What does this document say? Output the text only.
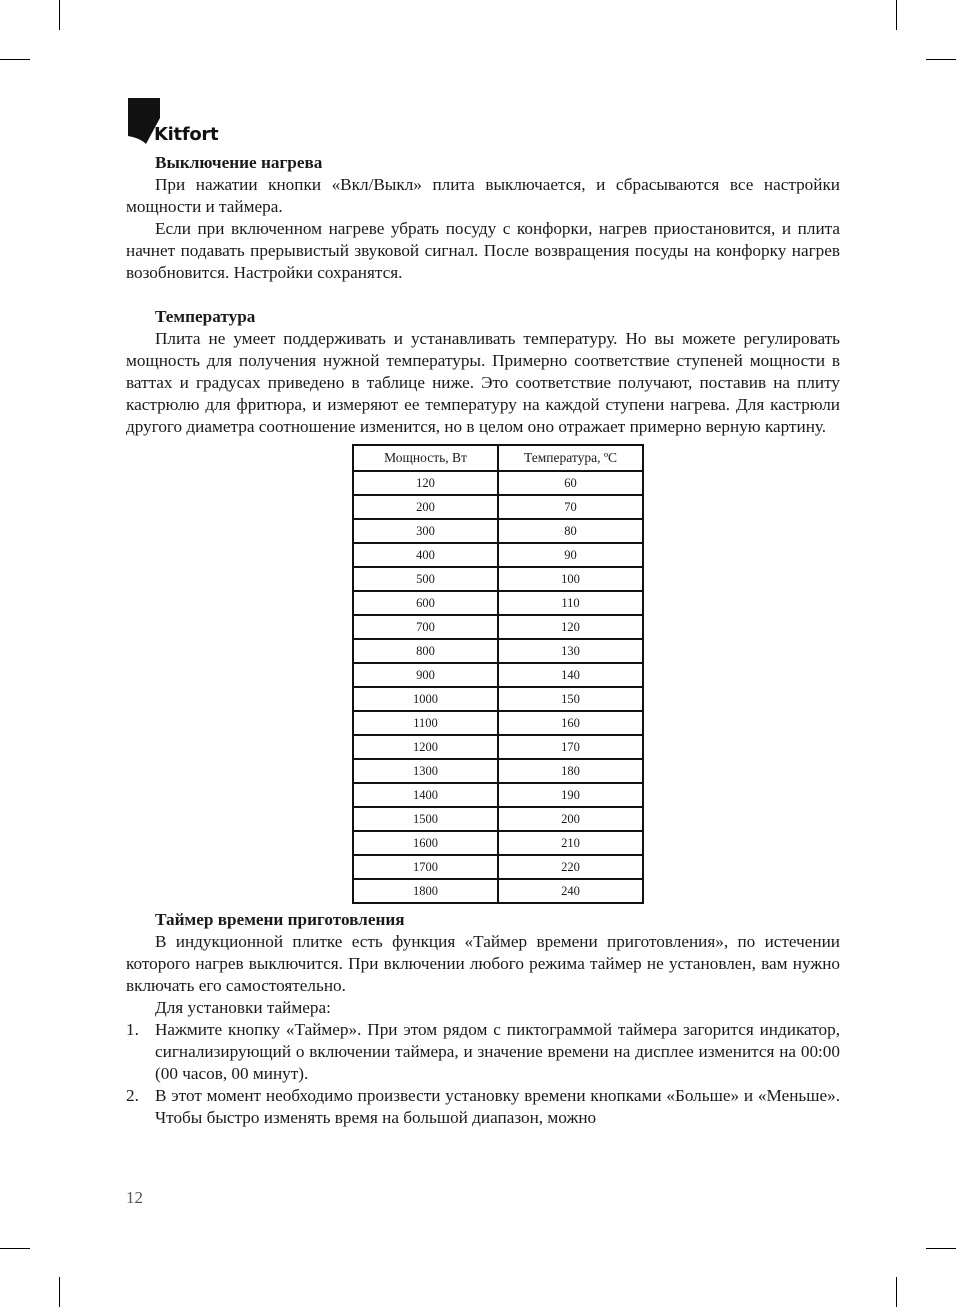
Kitfort
Выключение нагрева

При нажатии кнопки «Вкл/Выкл» плита выключается, и сбрасываются все настройки мощности и таймера.

Если при включенном нагреве убрать посуду с конфорки, нагрев приостановится, и плита начнет подавать прерывистый звуковой сигнал. После возвращения посуды на конфорку нагрев возобновится. Настройки сохранятся.

Температура

Плита не умеет поддерживать и устанавливать температуру. Но вы можете регулировать мощность для получения нужной температуры. Примерно соответствие ступеней мощности в ваттах и градусах приведено в таблице ниже. Это соответствие получают, поставив на плиту кастрюлю для фритюра, и измеряют ее температуру на каждой ступени нагрева. Для кастрюли другого диаметра соотношение изменится, но в целом оно отражает примерно верную картину.

Мощность, Вт	Температура, ºС
120	60
200	70
300	80
400	90
500	100
600	110
700	120
800	130
900	140
1000	150
1100	160
1200	170
1300	180
1400	190
1500	200
1600	210
1700	220
1800	240
Таймер времени приготовления

В индукционной плитке есть функция «Таймер времени приготовления», по истечении которого нагрев выключится. При включении любого режима таймер не установлен, вам нужно включать его самостоятельно.

Для установки таймера:

1. Нажмите кнопку «Таймер». При этом рядом с пиктограммой таймера загорится индикатор, сигнализирующий о включении таймера, и значение времени на дисплее изменится на 00:00 (00 часов, 00 минут).
2. В этот момент необходимо произвести установку времени кнопками «Больше» и «Меньше». Чтобы быстро изменять время на большой диапазон, можно
12
